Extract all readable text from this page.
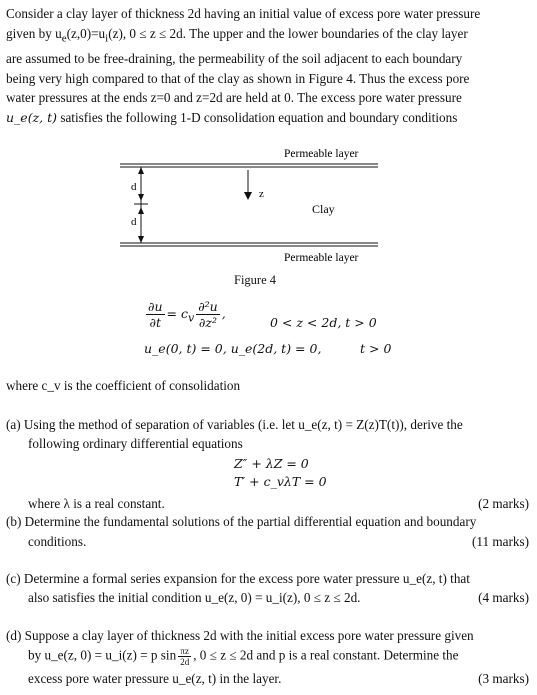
Consider a clay layer of thickness 2d having an initial value of excess pore water pressure
given by $u_e(z,0)=u_i(z)$, 0 ≤ z ≤ 2d. The upper and the lower boundaries of the clay layer
are assumed to be free-draining, the permeability of the soil adjacent to each boundary
being very high compared to that of the clay as shown in Figure 4. Thus the excess pore
water pressures at the ends z=0 and z=2d are held at 0. The excess pore water pressure
u_e(z, t) satisfies the following 1-D consolidation equation and boundary conditions
d
d
z
Permeable layer
Clay
Permeable layer
Figure 4
$\frac{\partial u}{\partial t} = c_v \frac{\text{∂²u}}{\text{∂z²}}$ ,
0 < z < 2d, t > 0
u_e(0, t) = 0, u_e(2d, t) = 0,	t > 0
where c_v is the coefficient of consolidation
(a) Using the method of separation of variables (i.e. let u_e(z, t) = Z(z)T(t)), derive the
following ordinary differential equations
Z″ + λZ = 0
T′ + c_vλT = 0
where λ is a real constant.	(2 marks)
(b) Determine the fundamental solutions of the partial differential equation and boundary
conditions.	(11 marks)
(c) Determine a formal series expansion for the excess pore water pressure u_e(z, t) that
also satisfies the initial condition u_e(z, 0) = u_i(z), 0 ≤ z ≤ 2d.	(4 marks)
(d) Suppose a clay layer of thickness 2d with the initial excess pore water pressure given
by u_e(z, 0) = u_i(z) = p $\sin \frac{\pi z}{2d}$ , 0 ≤ z ≤ 2d and p is a real constant. Determine the
excess pore water pressure u_e(z, t) in the layer.	(3 marks)
